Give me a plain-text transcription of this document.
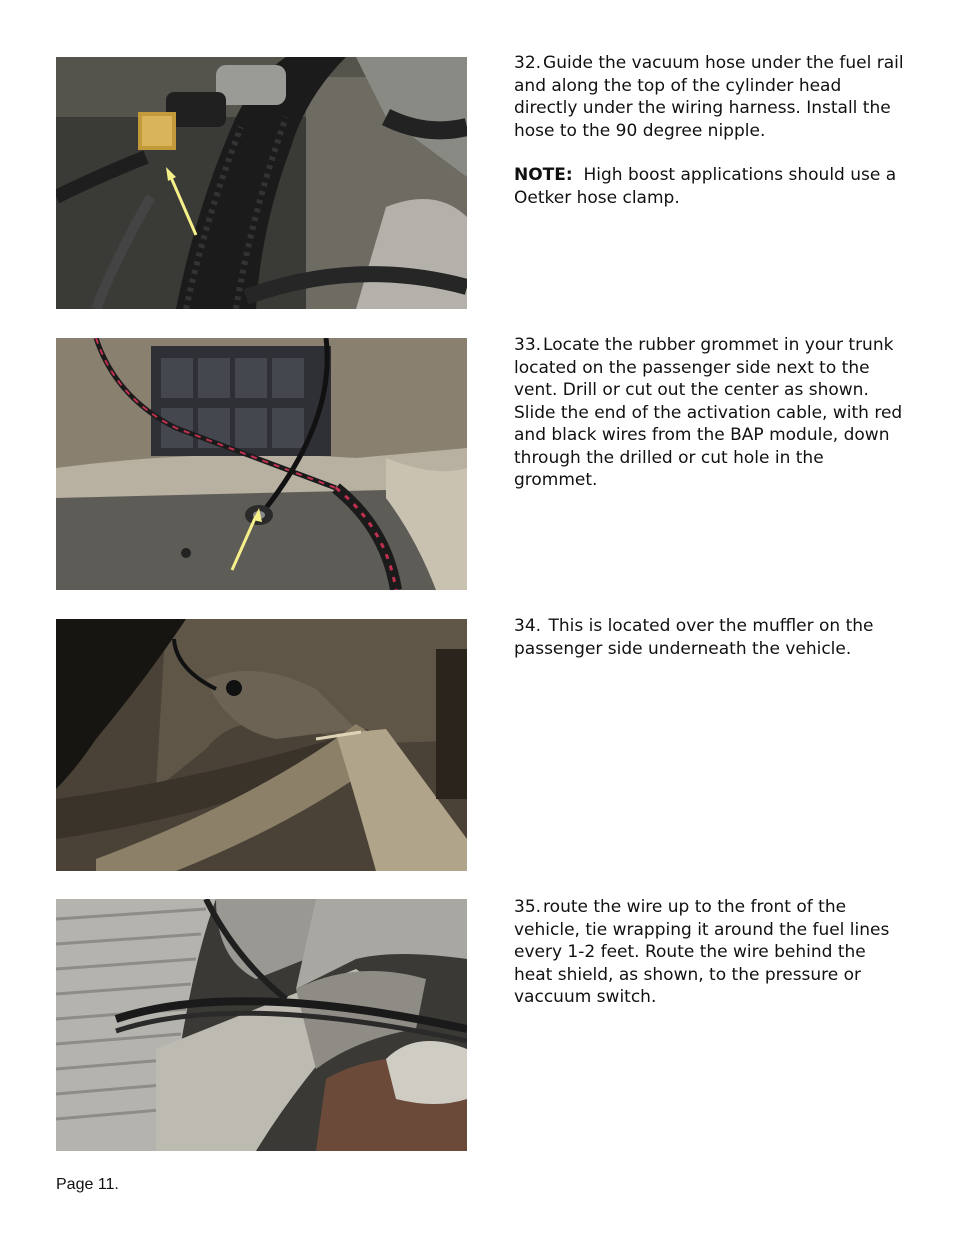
32. Guide the vacuum hose under the fuel rail and along the top of the cylinder head directly under the wiring harness. Install the hose to the 90 degree nipple.

NOTE: High boost applications should use a Oetker hose clamp.

33. Locate the rubber grommet in your trunk located on the passenger side next to the vent. Drill or cut out the center as shown. Slide the end of the activation cable, with red and black wires from the BAP module, down through the drilled or cut hole in the grommet.

34. This is located over the muffler on the passenger side underneath the vehicle.

35. route the wire up to the front of the vehicle, tie wrapping it around the fuel lines every 1-2 feet. Route the wire behind the heat shield, as shown, to the pressure or vaccuum switch.

Page 11.
